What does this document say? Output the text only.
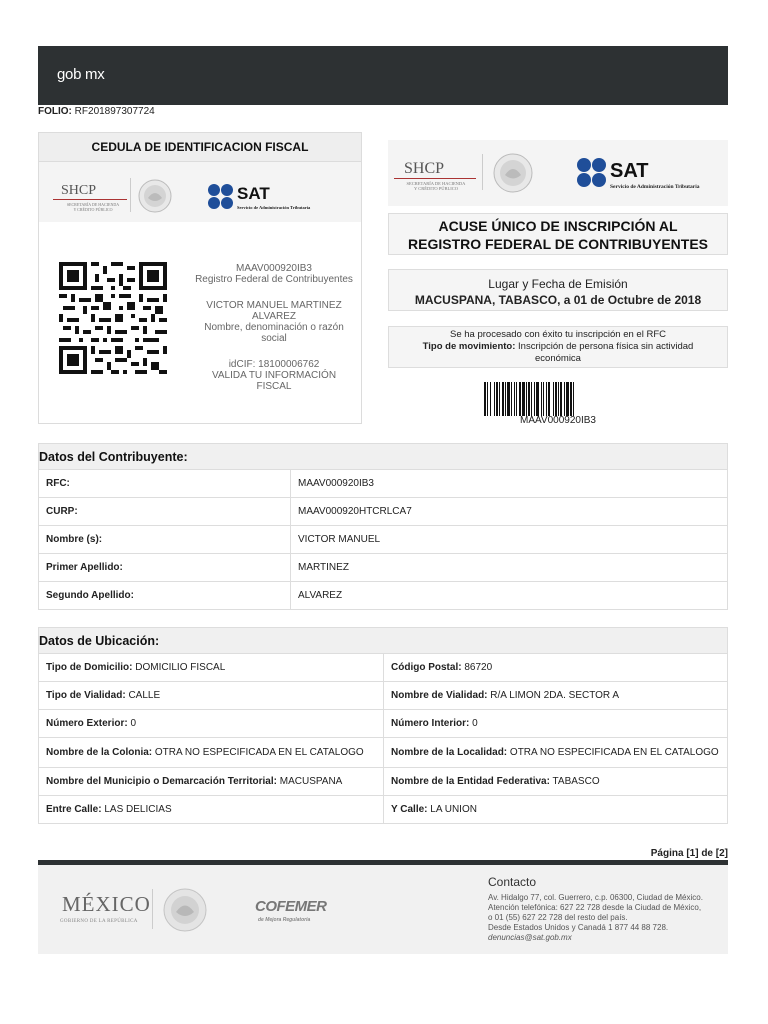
gob mx
FOLIO: RF201897307724
CEDULA DE IDENTIFICACION FISCAL
SHCP
SECRETARÍA DE HACIENDA
Y CRÉDITO PÚBLICO
SAT
Servicio de Administración Tributaria
MAAV000920IB3
Registro Federal de Contribuyentes
VICTOR MANUEL MARTINEZ
ALVAREZ
Nombre, denominación o razón
social
idCIF: 18100006762
VALIDA TU INFORMACIÓN
FISCAL
SHCP
SECRETARÍA DE HACIENDA
Y CRÉDITO PÚBLICO
SAT
Servicio de Administración Tributaria
ACUSE ÚNICO DE INSCRIPCIÓN AL
REGISTRO FEDERAL DE CONTRIBUYENTES
Lugar y Fecha de Emisión
MACUSPANA, TABASCO, a 01 de Octubre de 2018
Se ha procesado con éxito tu inscripción en el RFC
Tipo de movimiento: Inscripción de persona física sin actividad económica
MAAV000920IB3
Datos del Contribuyente:	
RFC:	MAAV000920IB3
CURP:	MAAV000920HTCRLCA7
Nombre (s):	VICTOR MANUEL
Primer Apellido:	MARTINEZ
Segundo Apellido:	ALVAREZ
Datos de Ubicación:	
Tipo de Domicilio: DOMICILIO FISCAL	Código Postal: 86720
Tipo de Vialidad: CALLE	Nombre de Vialidad: R/A LIMON 2DA. SECTOR A
Número Exterior: 0	Número Interior: 0
Nombre de la Colonia: OTRA NO ESPECIFICADA EN EL CATALOGO	Nombre de la Localidad: OTRA NO ESPECIFICADA EN EL CATALOGO
Nombre del Municipio o Demarcación Territorial: MACUSPANA	Nombre de la Entidad Federativa: TABASCO
Entre Calle: LAS DELICIAS	Y Calle: LA UNION
Página [1] de [2]
MÉXICO
GOBIERNO DE LA REPÚBLICA
COFEMER
de Mejora Regulatoria
Contacto
Av. Hidalgo 77, col. Guerrero, c.p. 06300, Ciudad de México.
Atención telefónica: 627 22 728 desde la Ciudad de México,
o 01 (55) 627 22 728 del resto del país.
Desde Estados Unidos y Canadá 1 877 44 88 728.
denuncias@sat.gob.mx
